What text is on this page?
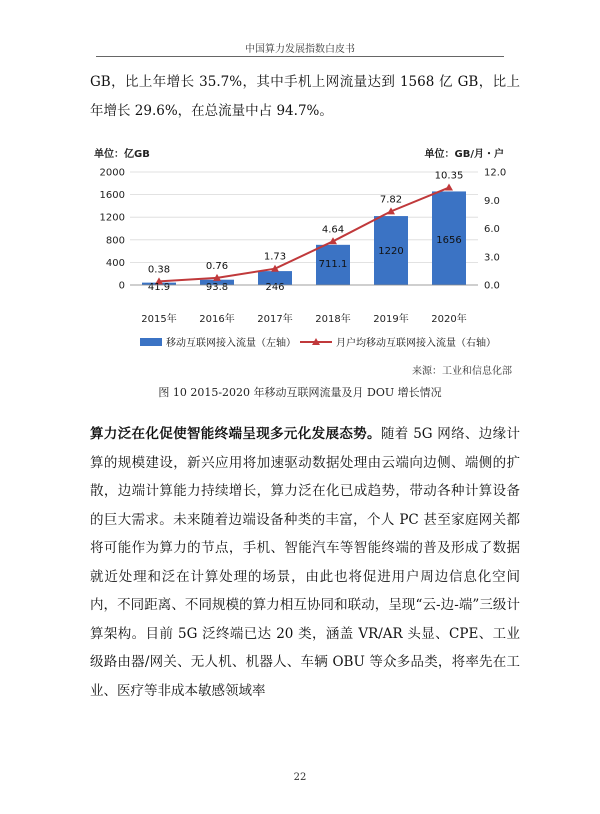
中国算力发展指数白皮书
GB，比上年增长 35.7%，其中手机上网流量达到 1568 亿 GB，比上年增长 29.6%，在总流量中占 94.7%。
单位：亿GB	单位：GB/月・户
41.9	93.8	246
711.1
1220
1656
0.38	0.76
1.73
4.64
7.82
10.35
0
400
800
1200
1600
2000
0.0
3.0
6.0
9.0
12.0
2015年 2016年 2017年 2018年 2019年 2020年
移动互联网接入流量（左轴）	月户均移动互联网接入流量（右轴）
来源：工业和信息化部
图 10 2015-2020 年移动互联网流量及月 DOU 增长情况
算力泛在化促使智能终端呈现多元化发展态势。随着 5G 网络、边缘计算的规模建设，新兴应用将加速驱动数据处理由云端向边侧、端侧的扩散，边端计算能力持续增长，算力泛在化已成趋势，带动各种计算设备的巨大需求。未来随着边端设备种类的丰富，个人 PC 甚至家庭网关都将可能作为算力的节点，手机、智能汽车等智能终端的普及形成了数据就近处理和泛在计算处理的场景，由此也将促进用户周边信息化空间内，不同距离、不同规模的算力相互协同和联动，呈现“云-边-端”三级计算架构。目前 5G 泛终端已达 20 类，涵盖 VR/AR 头显、CPE、工业级路由器/网关、无人机、机器人、车辆 OBU 等众多品类，将率先在工业、医疗等非成本敏感领域率
22
